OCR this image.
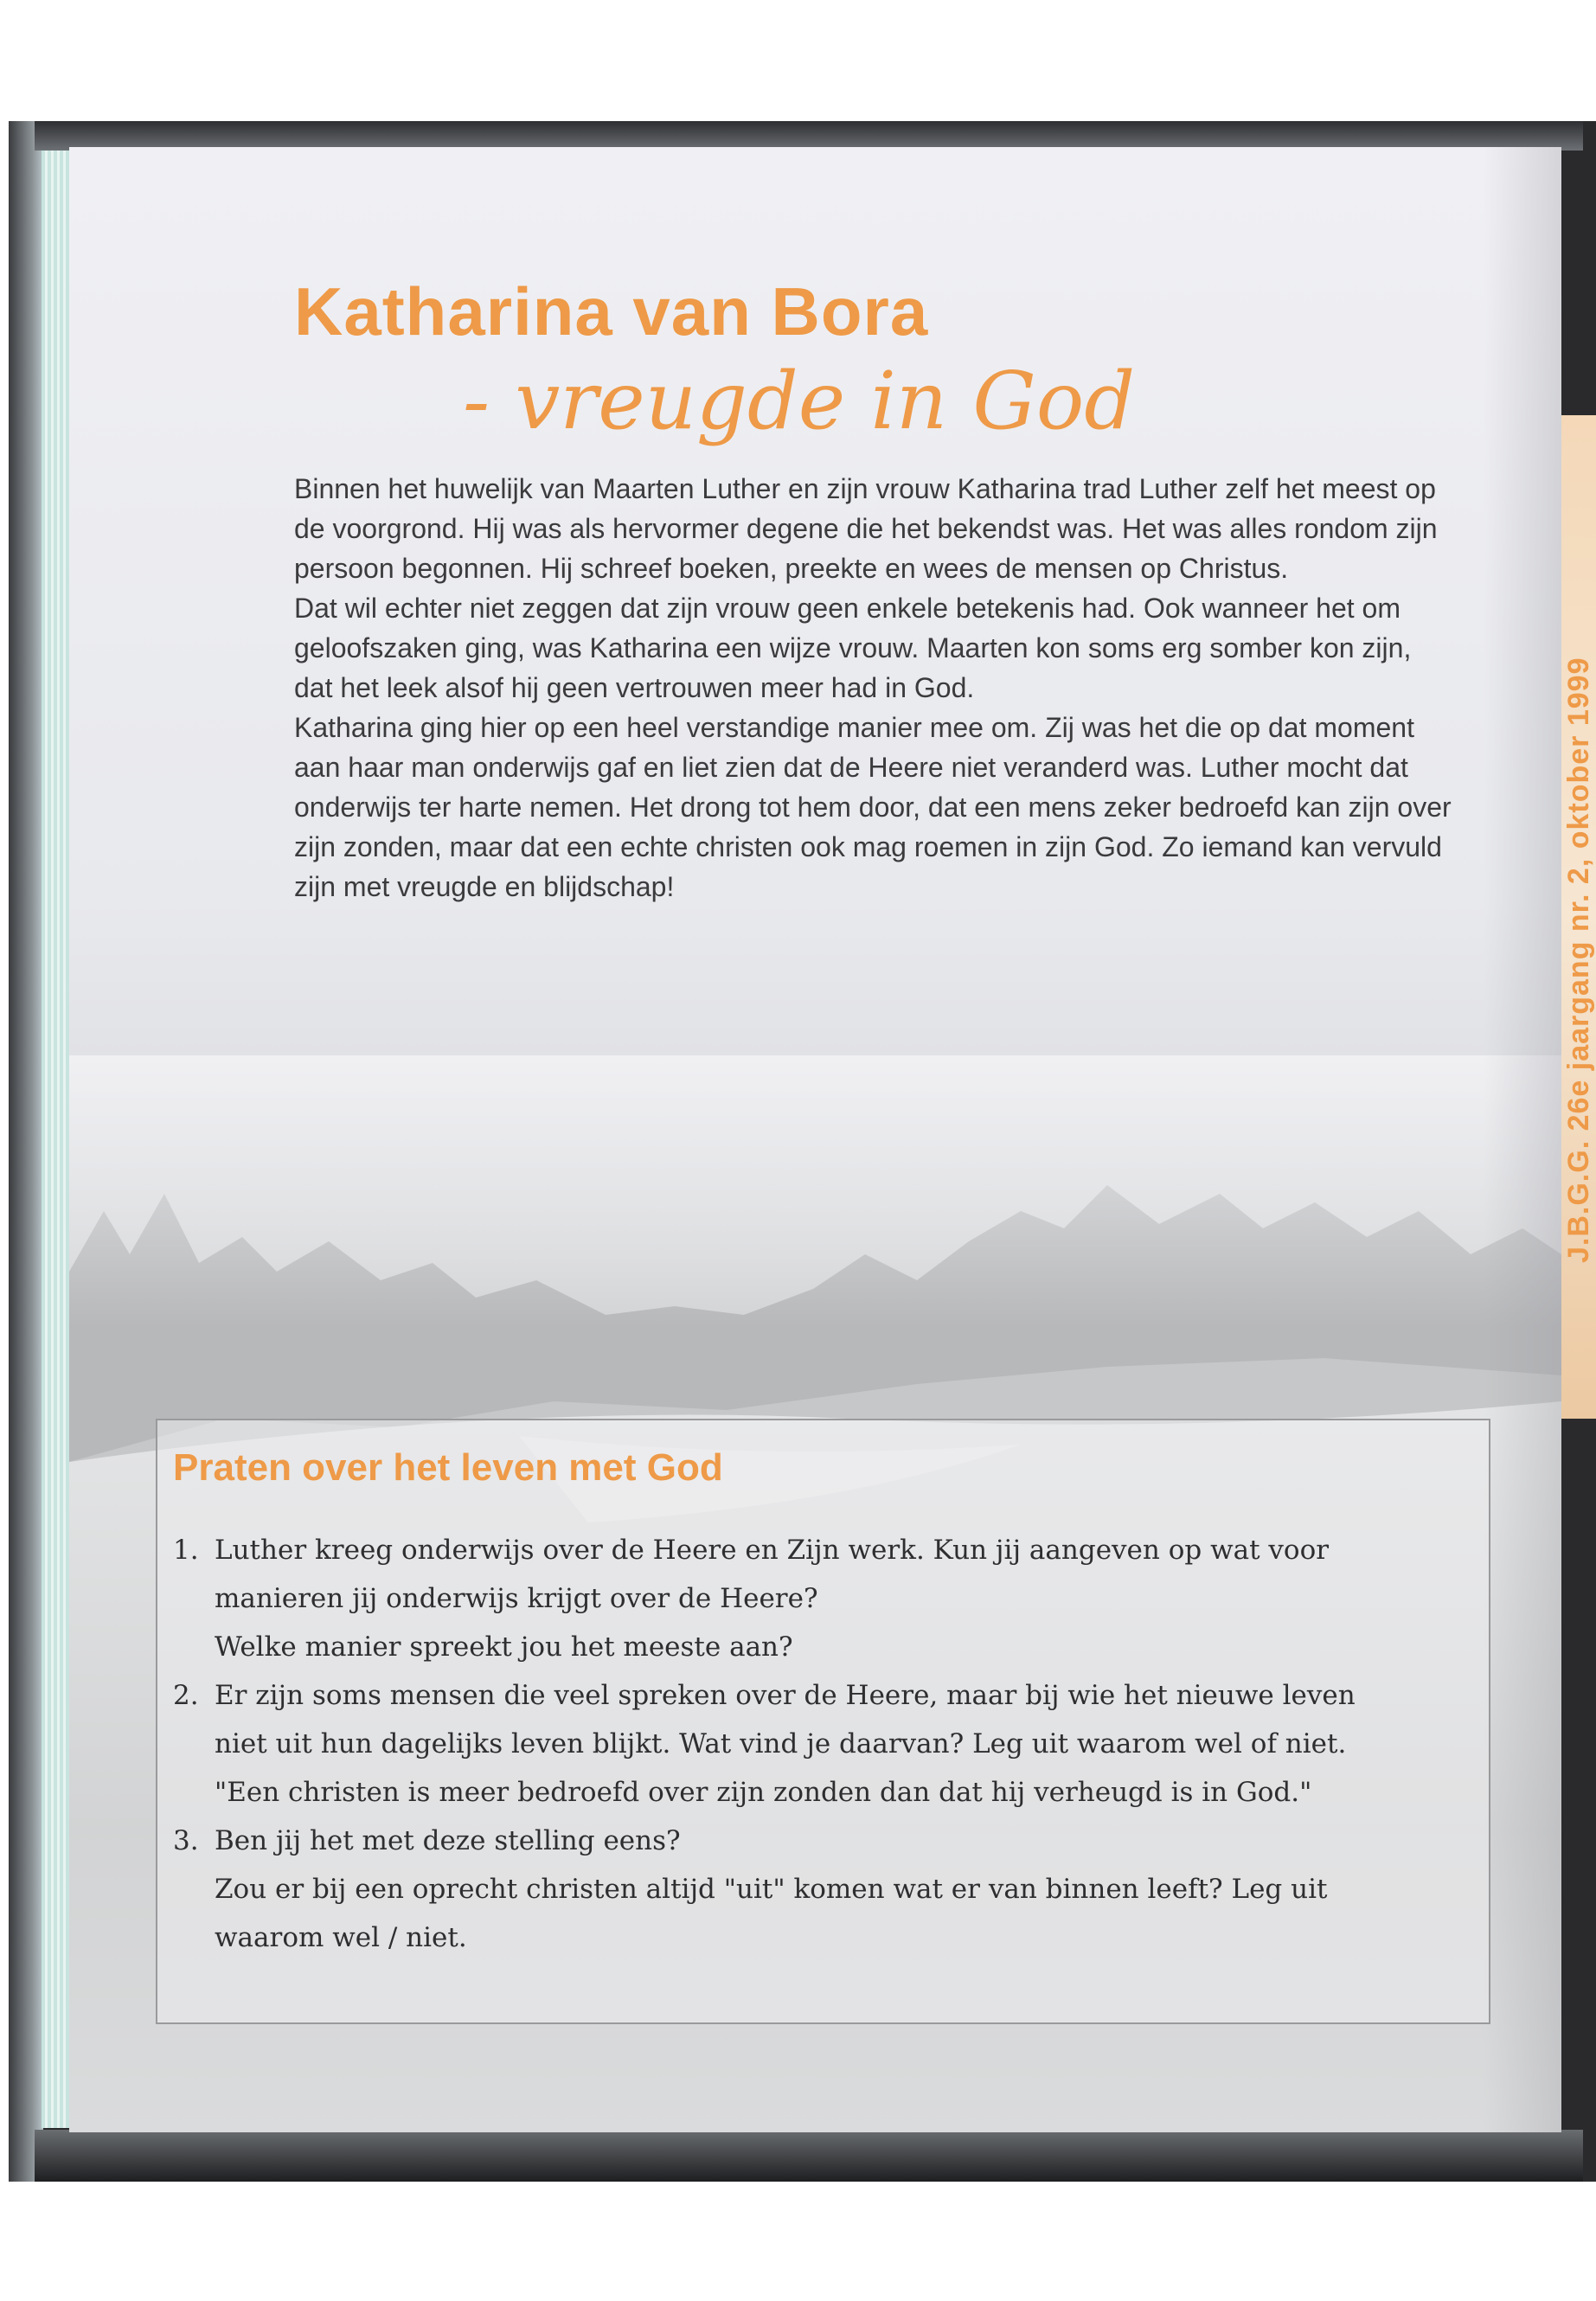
J.B.G.G. 26e jaargang nr. 2, oktober 1999
Katharina van Bora
- vreugde in God

Binnen het huwelijk van Maarten Luther en zijn vrouw Katharina trad Luther zelf het meest op de voorgrond. Hij was als hervormer degene die het bekendst was. Het was alles rondom zijn persoon begonnen. Hij schreef boeken, preekte en wees de mensen op Christus.

Dat wil echter niet zeggen dat zijn vrouw geen enkele betekenis had. Ook wanneer het om geloofszaken ging, was Katharina een wijze vrouw. Maarten kon soms erg somber kon zijn, dat het leek alsof hij geen vertrouwen meer had in God.

Katharina ging hier op een heel verstandige manier mee om. Zij was het die op dat moment aan haar man onderwijs gaf en liet zien dat de Heere niet veranderd was. Luther mocht dat onderwijs ter harte nemen. Het drong tot hem door, dat een mens zeker bedroefd kan zijn over zijn zonden, maar dat een echte christen ook mag roemen in zijn God. Zo iemand kan vervuld zijn met vreugde en blijdschap!

Praten over het leven met God
1. Luther kreeg onderwijs over de Heere en Zijn werk. Kun jij aangeven op wat voor
manieren jij onderwijs krijgt over de Heere?
Welke manier spreekt jou het meeste aan?
2. Er zijn soms mensen die veel spreken over de Heere, maar bij wie het nieuwe leven
niet uit hun dagelijks leven blijkt. Wat vind je daarvan? Leg uit waarom wel of niet.
"Een christen is meer bedroefd over zijn zonden dan dat hij verheugd is in God."
3. Ben jij het met deze stelling eens?
Zou er bij een oprecht christen altijd "uit" komen wat er van binnen leeft? Leg uit
waarom wel / niet.
